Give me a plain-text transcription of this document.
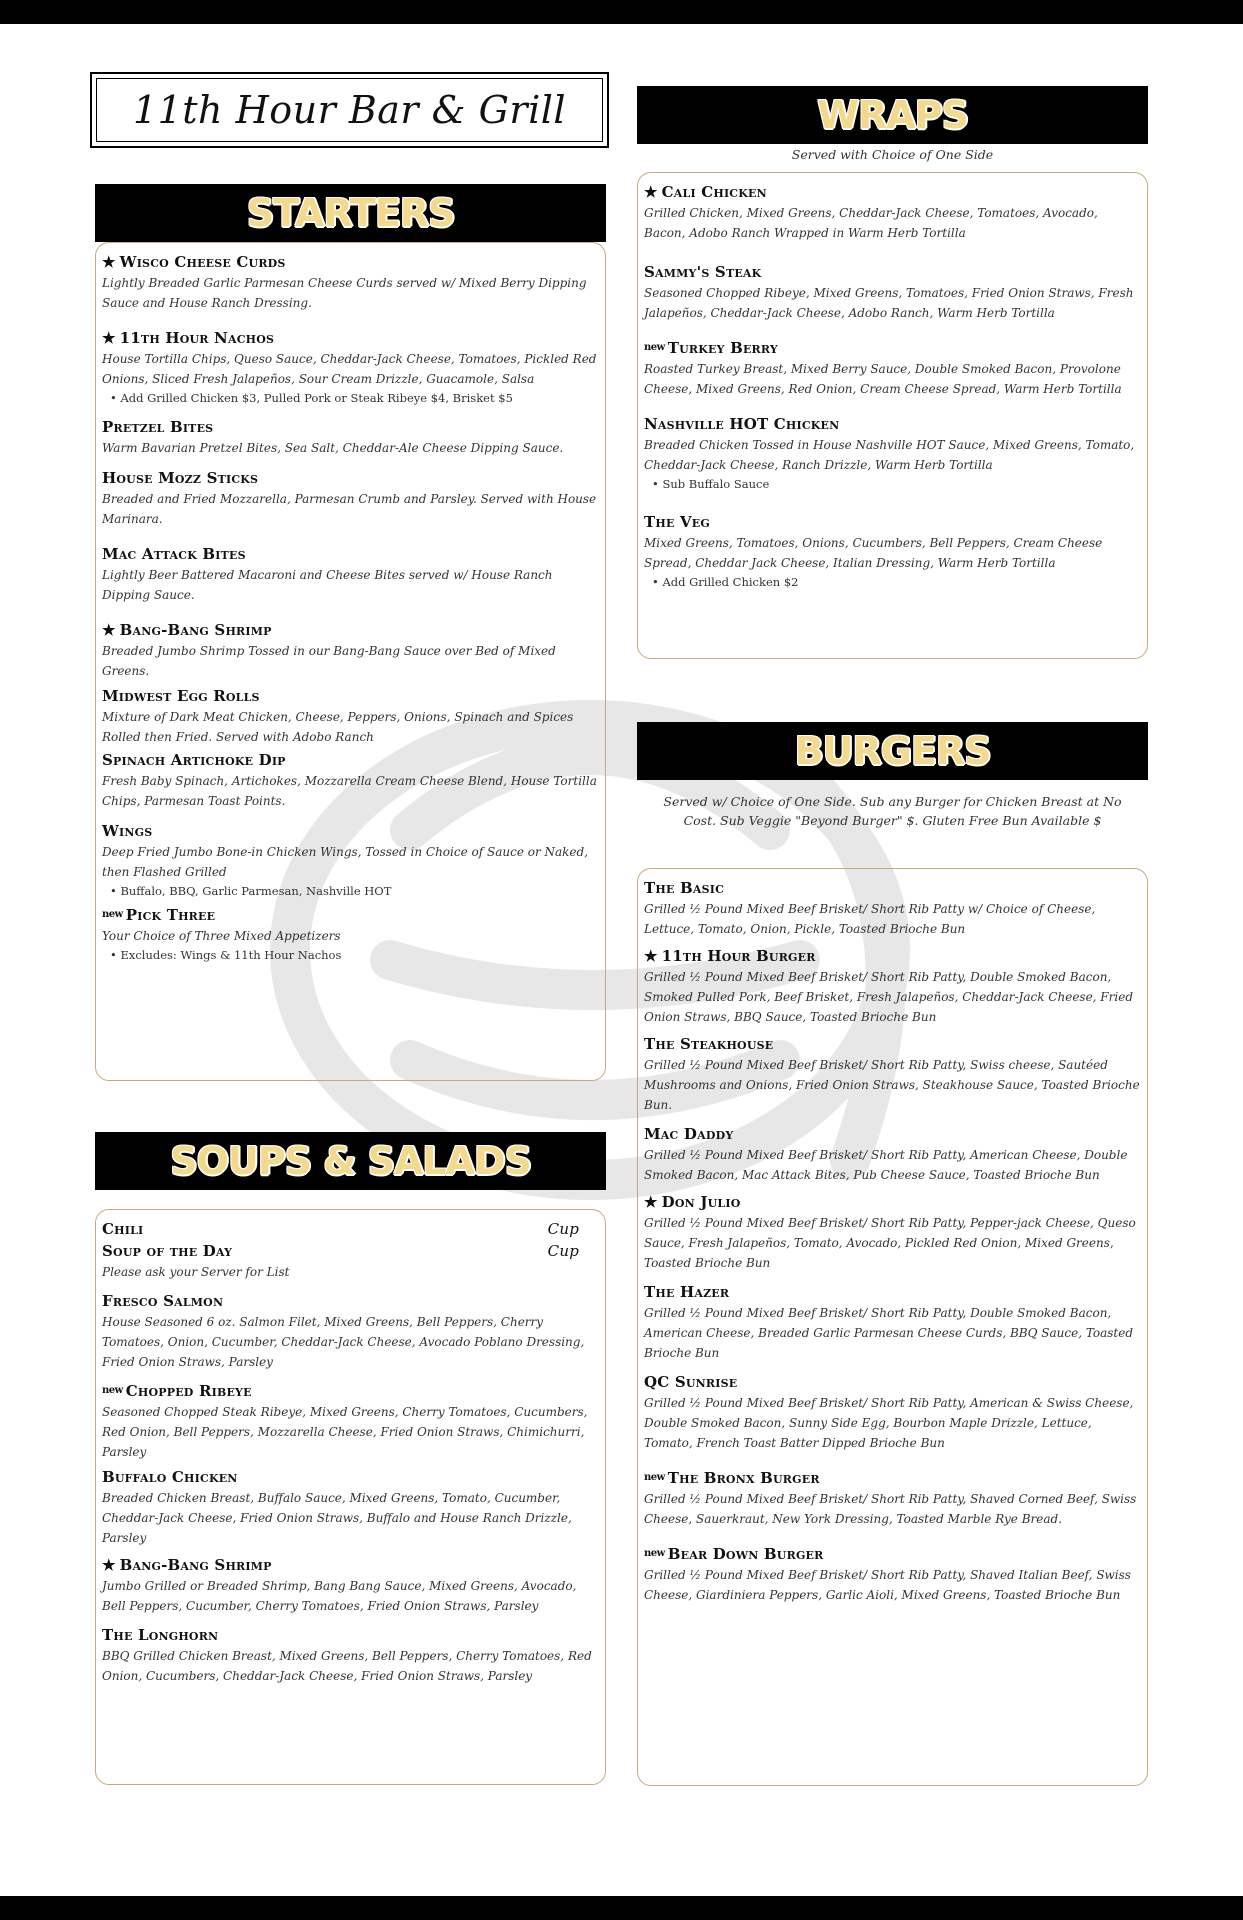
11th Hour Bar & Grill
STARTERS
★ Wisco Cheese Curds
Lightly Breaded Garlic Parmesan Cheese Curds served w/ Mixed Berry Dipping Sauce and House Ranch Dressing.
★ 11th Hour Nachos
House Tortilla Chips, Queso Sauce, Cheddar-Jack Cheese, Tomatoes, Pickled Red Onions, Sliced Fresh Jalapeños, Sour Cream Drizzle, Guacamole, Salsa
• Add Grilled Chicken $3, Pulled Pork or Steak Ribeye $4, Brisket $5
Pretzel Bites
Warm Bavarian Pretzel Bites, Sea Salt, Cheddar-Ale Cheese Dipping Sauce.
House Mozz Sticks
Breaded and Fried Mozzarella, Parmesan Crumb and Parsley. Served with House Marinara.
Mac Attack Bites
Lightly Beer Battered Macaroni and Cheese Bites served w/ House Ranch Dipping Sauce.
★ Bang-Bang Shrimp
Breaded Jumbo Shrimp Tossed in our Bang-Bang Sauce over Bed of Mixed Greens.
Midwest Egg Rolls
Mixture of Dark Meat Chicken, Cheese, Peppers, Onions, Spinach and Spices Rolled then Fried. Served with Adobo Ranch
Spinach Artichoke Dip
Fresh Baby Spinach, Artichokes, Mozzarella Cream Cheese Blend, House Tortilla Chips, Parmesan Toast Points.
Wings
Deep Fried Jumbo Bone-in Chicken Wings, Tossed in Choice of Sauce or Naked, then Flashed Grilled
• Buffalo, BBQ, Garlic Parmesan, Nashville HOT
new Pick Three
Your Choice of Three Mixed Appetizers
• Excludes: Wings & 11th Hour Nachos
SOUPS & SALADS
Chili	Cup
Soup of the Day	Cup
Please ask your Server for List
Fresco Salmon
House Seasoned 6 oz. Salmon Filet, Mixed Greens, Bell Peppers, Cherry Tomatoes, Onion, Cucumber, Cheddar-Jack Cheese, Avocado Poblano Dressing, Fried Onion Straws, Parsley
new Chopped Ribeye
Seasoned Chopped Steak Ribeye, Mixed Greens, Cherry Tomatoes, Cucumbers, Red Onion, Bell Peppers, Mozzarella Cheese, Fried Onion Straws, Chimichurri, Parsley
Buffalo Chicken
Breaded Chicken Breast, Buffalo Sauce, Mixed Greens, Tomato, Cucumber, Cheddar-Jack Cheese, Fried Onion Straws, Buffalo and House Ranch Drizzle, Parsley
★ Bang-Bang Shrimp
Jumbo Grilled or Breaded Shrimp, Bang Bang Sauce, Mixed Greens, Avocado, Bell Peppers, Cucumber, Cherry Tomatoes, Fried Onion Straws, Parsley
The Longhorn
BBQ Grilled Chicken Breast, Mixed Greens, Bell Peppers, Cherry Tomatoes, Red Onion, Cucumbers, Cheddar-Jack Cheese, Fried Onion Straws, Parsley
WRAPS
Served with Choice of One Side
★ Cali Chicken
Grilled Chicken, Mixed Greens, Cheddar-Jack Cheese, Tomatoes, Avocado, Bacon, Adobo Ranch Wrapped in Warm Herb Tortilla
Sammy's Steak
Seasoned Chopped Ribeye, Mixed Greens, Tomatoes, Fried Onion Straws, Fresh Jalapeños, Cheddar-Jack Cheese, Adobo Ranch, Warm Herb Tortilla
new Turkey Berry
Roasted Turkey Breast, Mixed Berry Sauce, Double Smoked Bacon, Provolone Cheese, Mixed Greens, Red Onion, Cream Cheese Spread, Warm Herb Tortilla
Nashville HOT Chicken
Breaded Chicken Tossed in House Nashville HOT Sauce, Mixed Greens, Tomato, Cheddar-Jack Cheese, Ranch Drizzle, Warm Herb Tortilla
• Sub Buffalo Sauce
The Veg
Mixed Greens, Tomatoes, Onions, Cucumbers, Bell Peppers, Cream Cheese Spread, Cheddar Jack Cheese, Italian Dressing, Warm Herb Tortilla
• Add Grilled Chicken $2
BURGERS
Served w/ Choice of One Side. Sub any Burger for Chicken Breast at No Cost. Sub Veggie "Beyond Burger" $. Gluten Free Bun Available $
The Basic
Grilled ½ Pound Mixed Beef Brisket/ Short Rib Patty w/ Choice of Cheese, Lettuce, Tomato, Onion, Pickle, Toasted Brioche Bun
★ 11th Hour Burger
Grilled ½ Pound Mixed Beef Brisket/ Short Rib Patty, Double Smoked Bacon, Smoked Pulled Pork, Beef Brisket, Fresh Jalapeños, Cheddar-Jack Cheese, Fried Onion Straws, BBQ Sauce, Toasted Brioche Bun
The Steakhouse
Grilled ½ Pound Mixed Beef Brisket/ Short Rib Patty, Swiss cheese, Sautéed Mushrooms and Onions, Fried Onion Straws, Steakhouse Sauce, Toasted Brioche Bun.
Mac Daddy
Grilled ½ Pound Mixed Beef Brisket/ Short Rib Patty, American Cheese, Double Smoked Bacon, Mac Attack Bites, Pub Cheese Sauce, Toasted Brioche Bun
★ Don Julio
Grilled ½ Pound Mixed Beef Brisket/ Short Rib Patty, Pepper-jack Cheese, Queso Sauce, Fresh Jalapeños, Tomato, Avocado, Pickled Red Onion, Mixed Greens, Toasted Brioche Bun
The Hazer
Grilled ½ Pound Mixed Beef Brisket/ Short Rib Patty, Double Smoked Bacon, American Cheese, Breaded Garlic Parmesan Cheese Curds, BBQ Sauce, Toasted Brioche Bun
QC Sunrise
Grilled ½ Pound Mixed Beef Brisket/ Short Rib Patty, American & Swiss Cheese, Double Smoked Bacon, Sunny Side Egg, Bourbon Maple Drizzle, Lettuce, Tomato, French Toast Batter Dipped Brioche Bun
new The Bronx Burger
Grilled ½ Pound Mixed Beef Brisket/ Short Rib Patty, Shaved Corned Beef, Swiss Cheese, Sauerkraut, New York Dressing, Toasted Marble Rye Bread.
new Bear Down Burger
Grilled ½ Pound Mixed Beef Brisket/ Short Rib Patty, Shaved Italian Beef, Swiss Cheese, Giardiniera Peppers, Garlic Aioli, Mixed Greens, Toasted Brioche Bun
